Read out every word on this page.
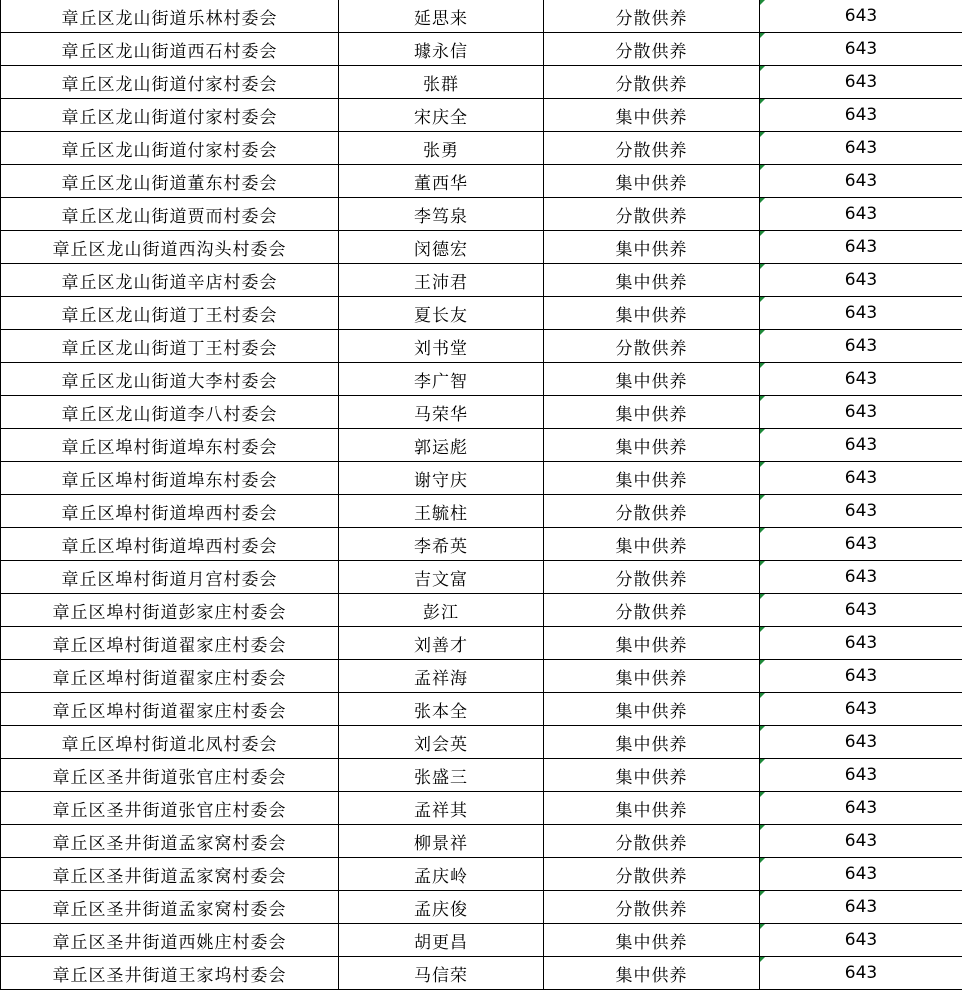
章丘区龙山街道乐林村委会	延思来	分散供养	643
章丘区龙山街道西石村委会	璩永信	分散供养	643
章丘区龙山街道付家村委会	张群	分散供养	643
章丘区龙山街道付家村委会	宋庆全	集中供养	643
章丘区龙山街道付家村委会	张勇	分散供养	643
章丘区龙山街道董东村委会	董西华	集中供养	643
章丘区龙山街道贾而村委会	李笃泉	分散供养	643
章丘区龙山街道西沟头村委会	闵德宏	集中供养	643
章丘区龙山街道辛店村委会	王沛君	集中供养	643
章丘区龙山街道丁王村委会	夏长友	集中供养	643
章丘区龙山街道丁王村委会	刘书堂	分散供养	643
章丘区龙山街道大李村委会	李广智	集中供养	643
章丘区龙山街道李八村委会	马荣华	集中供养	643
章丘区埠村街道埠东村委会	郭运彪	集中供养	643
章丘区埠村街道埠东村委会	谢守庆	集中供养	643
章丘区埠村街道埠西村委会	王毓柱	分散供养	643
章丘区埠村街道埠西村委会	李希英	集中供养	643
章丘区埠村街道月宫村委会	吉文富	分散供养	643
章丘区埠村街道彭家庄村委会	彭江	分散供养	643
章丘区埠村街道翟家庄村委会	刘善才	集中供养	643
章丘区埠村街道翟家庄村委会	孟祥海	集中供养	643
章丘区埠村街道翟家庄村委会	张本全	集中供养	643
章丘区埠村街道北凤村委会	刘会英	集中供养	643
章丘区圣井街道张官庄村委会	张盛三	集中供养	643
章丘区圣井街道张官庄村委会	孟祥其	集中供养	643
章丘区圣井街道孟家窝村委会	柳景祥	分散供养	643
章丘区圣井街道孟家窝村委会	孟庆岭	分散供养	643
章丘区圣井街道孟家窝村委会	孟庆俊	分散供养	643
章丘区圣井街道西姚庄村委会	胡更昌	集中供养	643
章丘区圣井街道王家坞村委会	马信荣	集中供养	643
